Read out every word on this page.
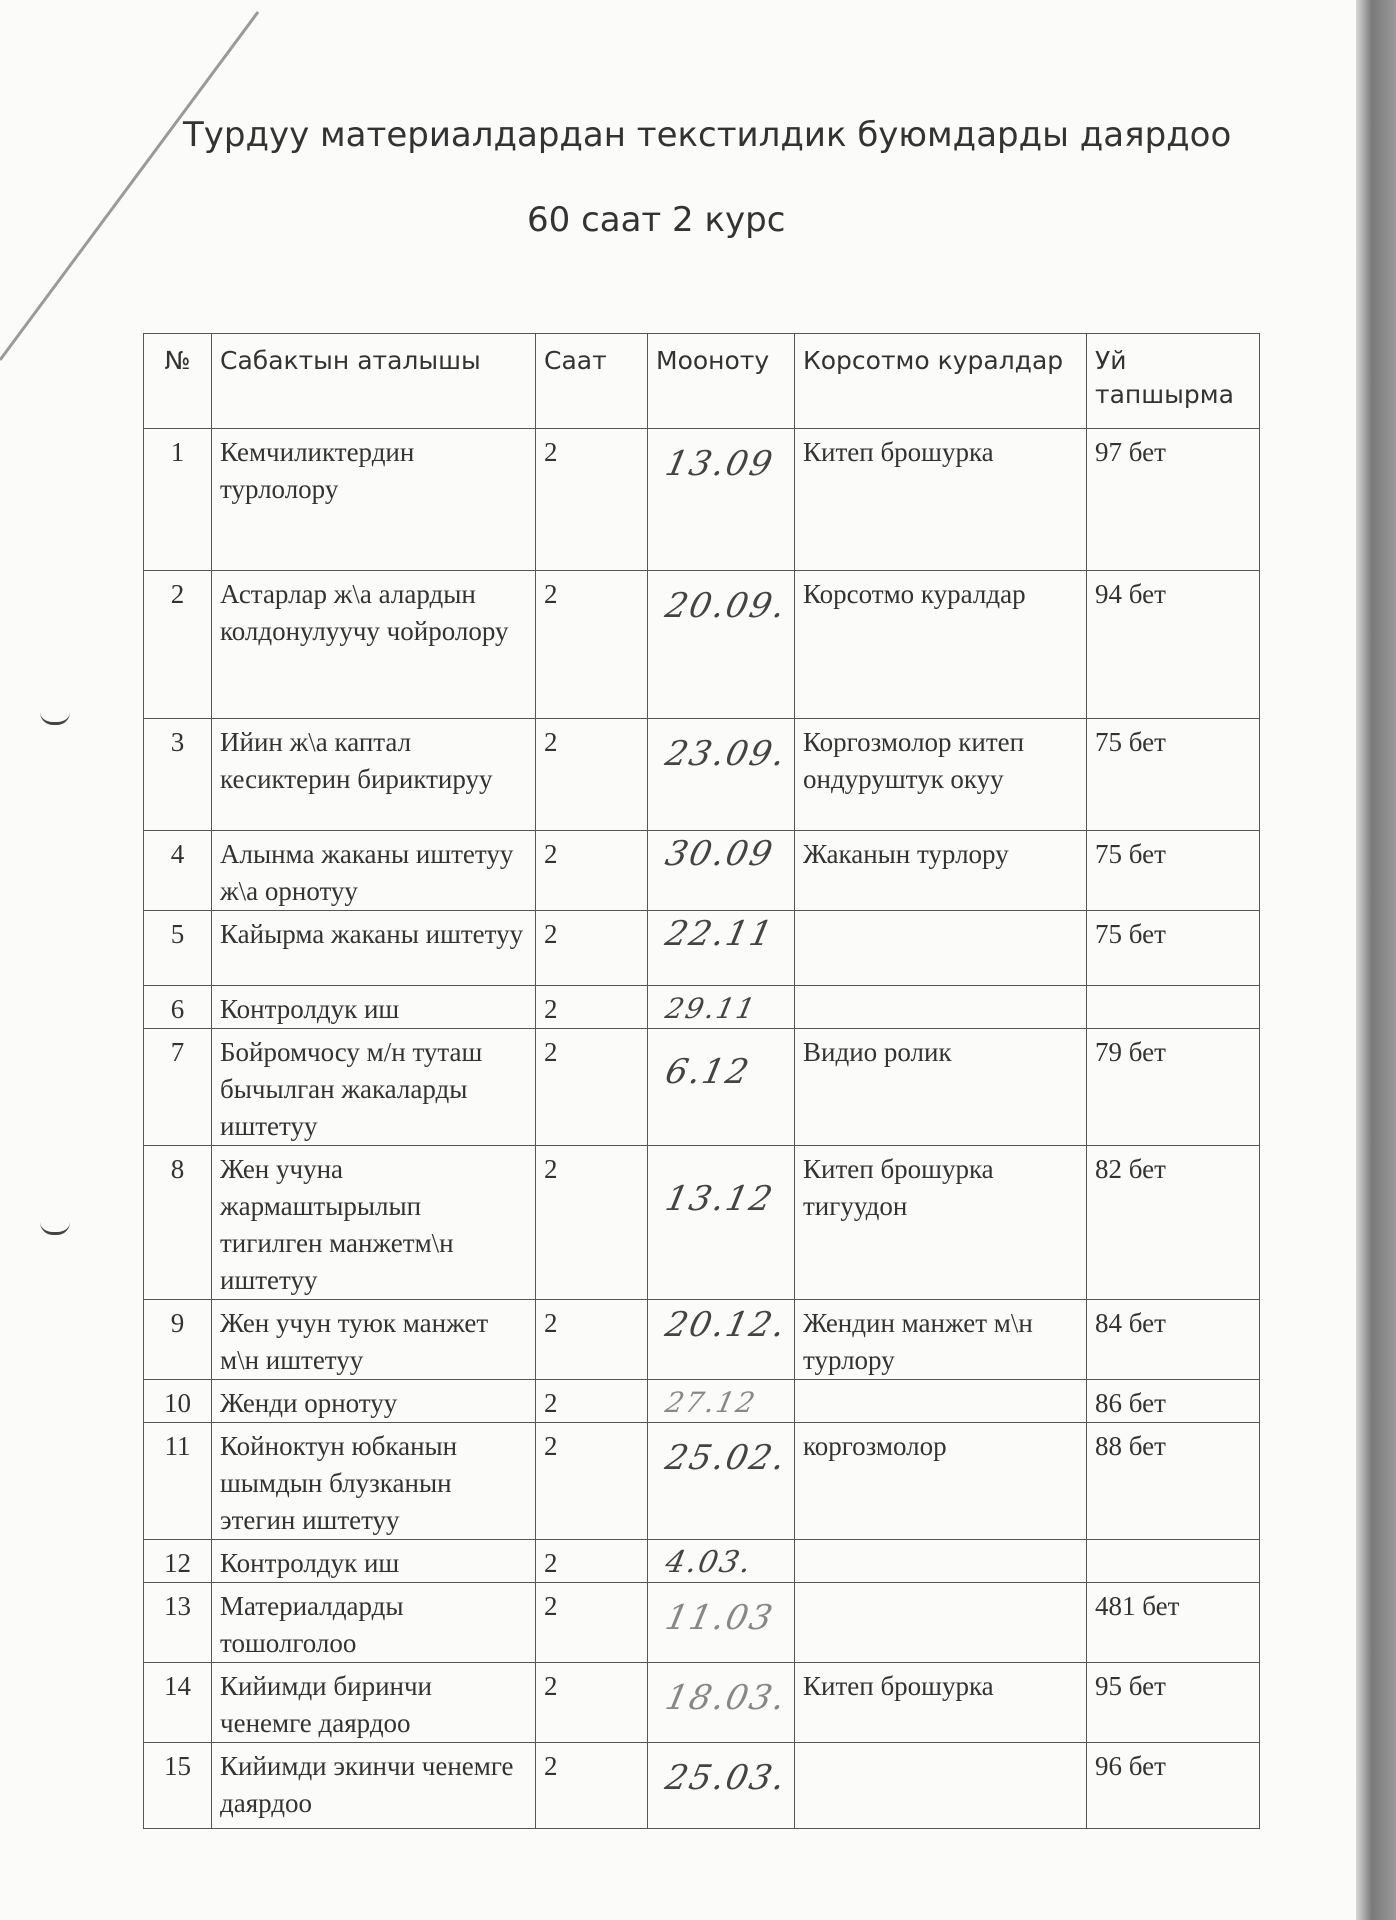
Турдуу материалдардан текстилдик буюмдарды даярдоо
60 саат 2 курс
№	Сабактын аталышы	Саат	Мооноту	Корсотмо куралдар	Уй тапшырма
1	Кемчиликтердин турлолору	2	13.09	Китеп брошурка	97 бет
2	Астарлар ж\а алардын колдонулуучу чойролору	2	20.09.	Корсотмо куралдар	94 бет
3	Ийин ж\а каптал кесиктерин бириктируу	2	23.09.	Коргозмолор китеп ондуруштук окуу	75 бет
4	Алынма жаканы иштетуу ж\а орнотуу	2	30.09	Жаканын турлору	75 бет
5	Кайырма жаканы иштетуу	2	22.11		75 бет
6	Контролдук иш	2	29.11		
7	Бойромчосу м/н туташ бычылган жакаларды иштетуу	2	6.12	Видио ролик	79 бет
8	Жен учуна жармаштырылып тигилген манжетм\н иштетуу	2	13.12	Китеп брошурка тигуудон	82 бет
9	Жен учун туюк манжет м\н иштетуу	2	20.12.	Жендин манжет м\н турлору	84 бет
10	Женди орнотуу	2	27.12		86 бет
11	Койноктун юбканын шымдын блузканын этегин иштетуу	2	25.02.	коргозмолор	88 бет
12	Контролдук иш	2	4.03.		
13	Материалдарды тошолголоо	2	11.03		481 бет
14	Кийимди биринчи ченемге даярдоо	2	18.03.	Китеп брошурка	95 бет
15	Кийимди экинчи ченемге даярдоо	2	25.03.		96 бет
